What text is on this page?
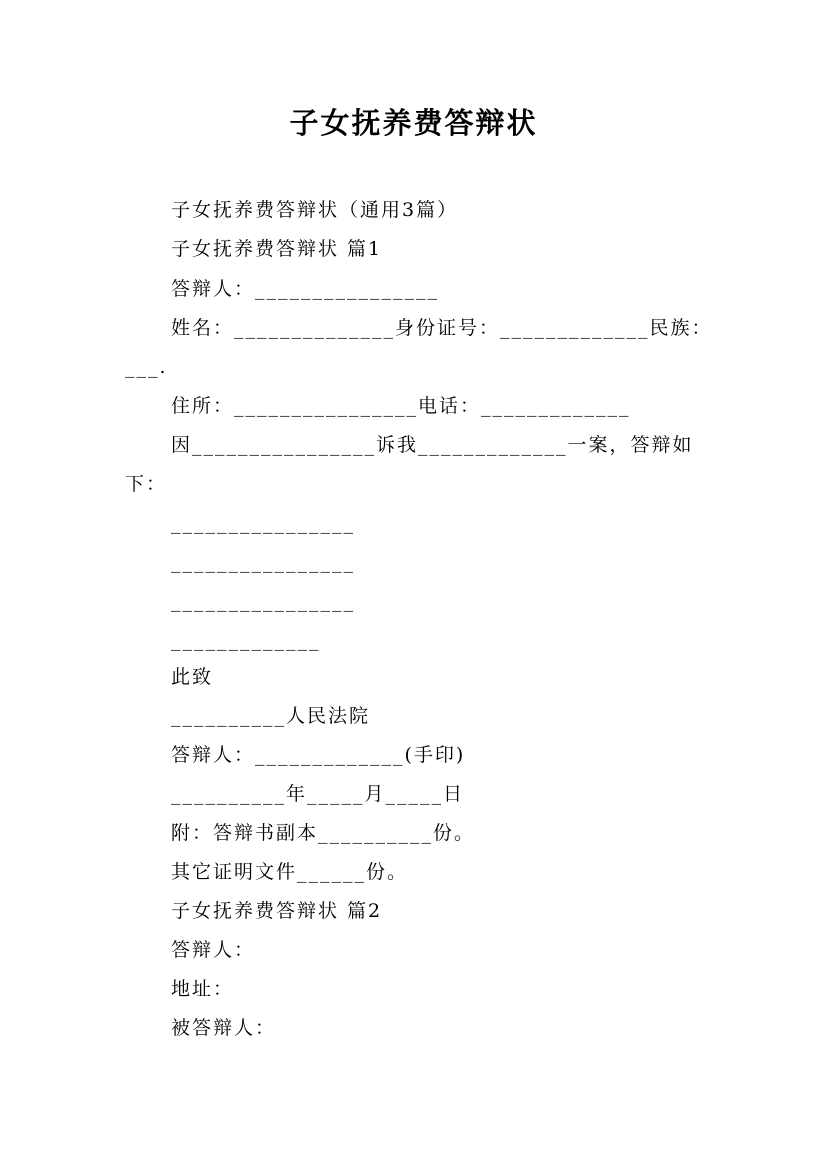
子女抚养费答辩状
子女抚养费答辩状（通用3篇）
子女抚养费答辩状 篇1
答辩人：________________
姓名：______________身份证号：_____________民族：
___.
住所：________________电话：_____________
因________________诉我_____________一案，答辩如
下：
________________
________________
________________
_____________
此致
__________人民法院
答辩人：_____________(手印)
__________年_____月_____日
附：答辩书副本__________份。
其它证明文件______份。
子女抚养费答辩状 篇2
答辩人：
地址：
被答辩人：
